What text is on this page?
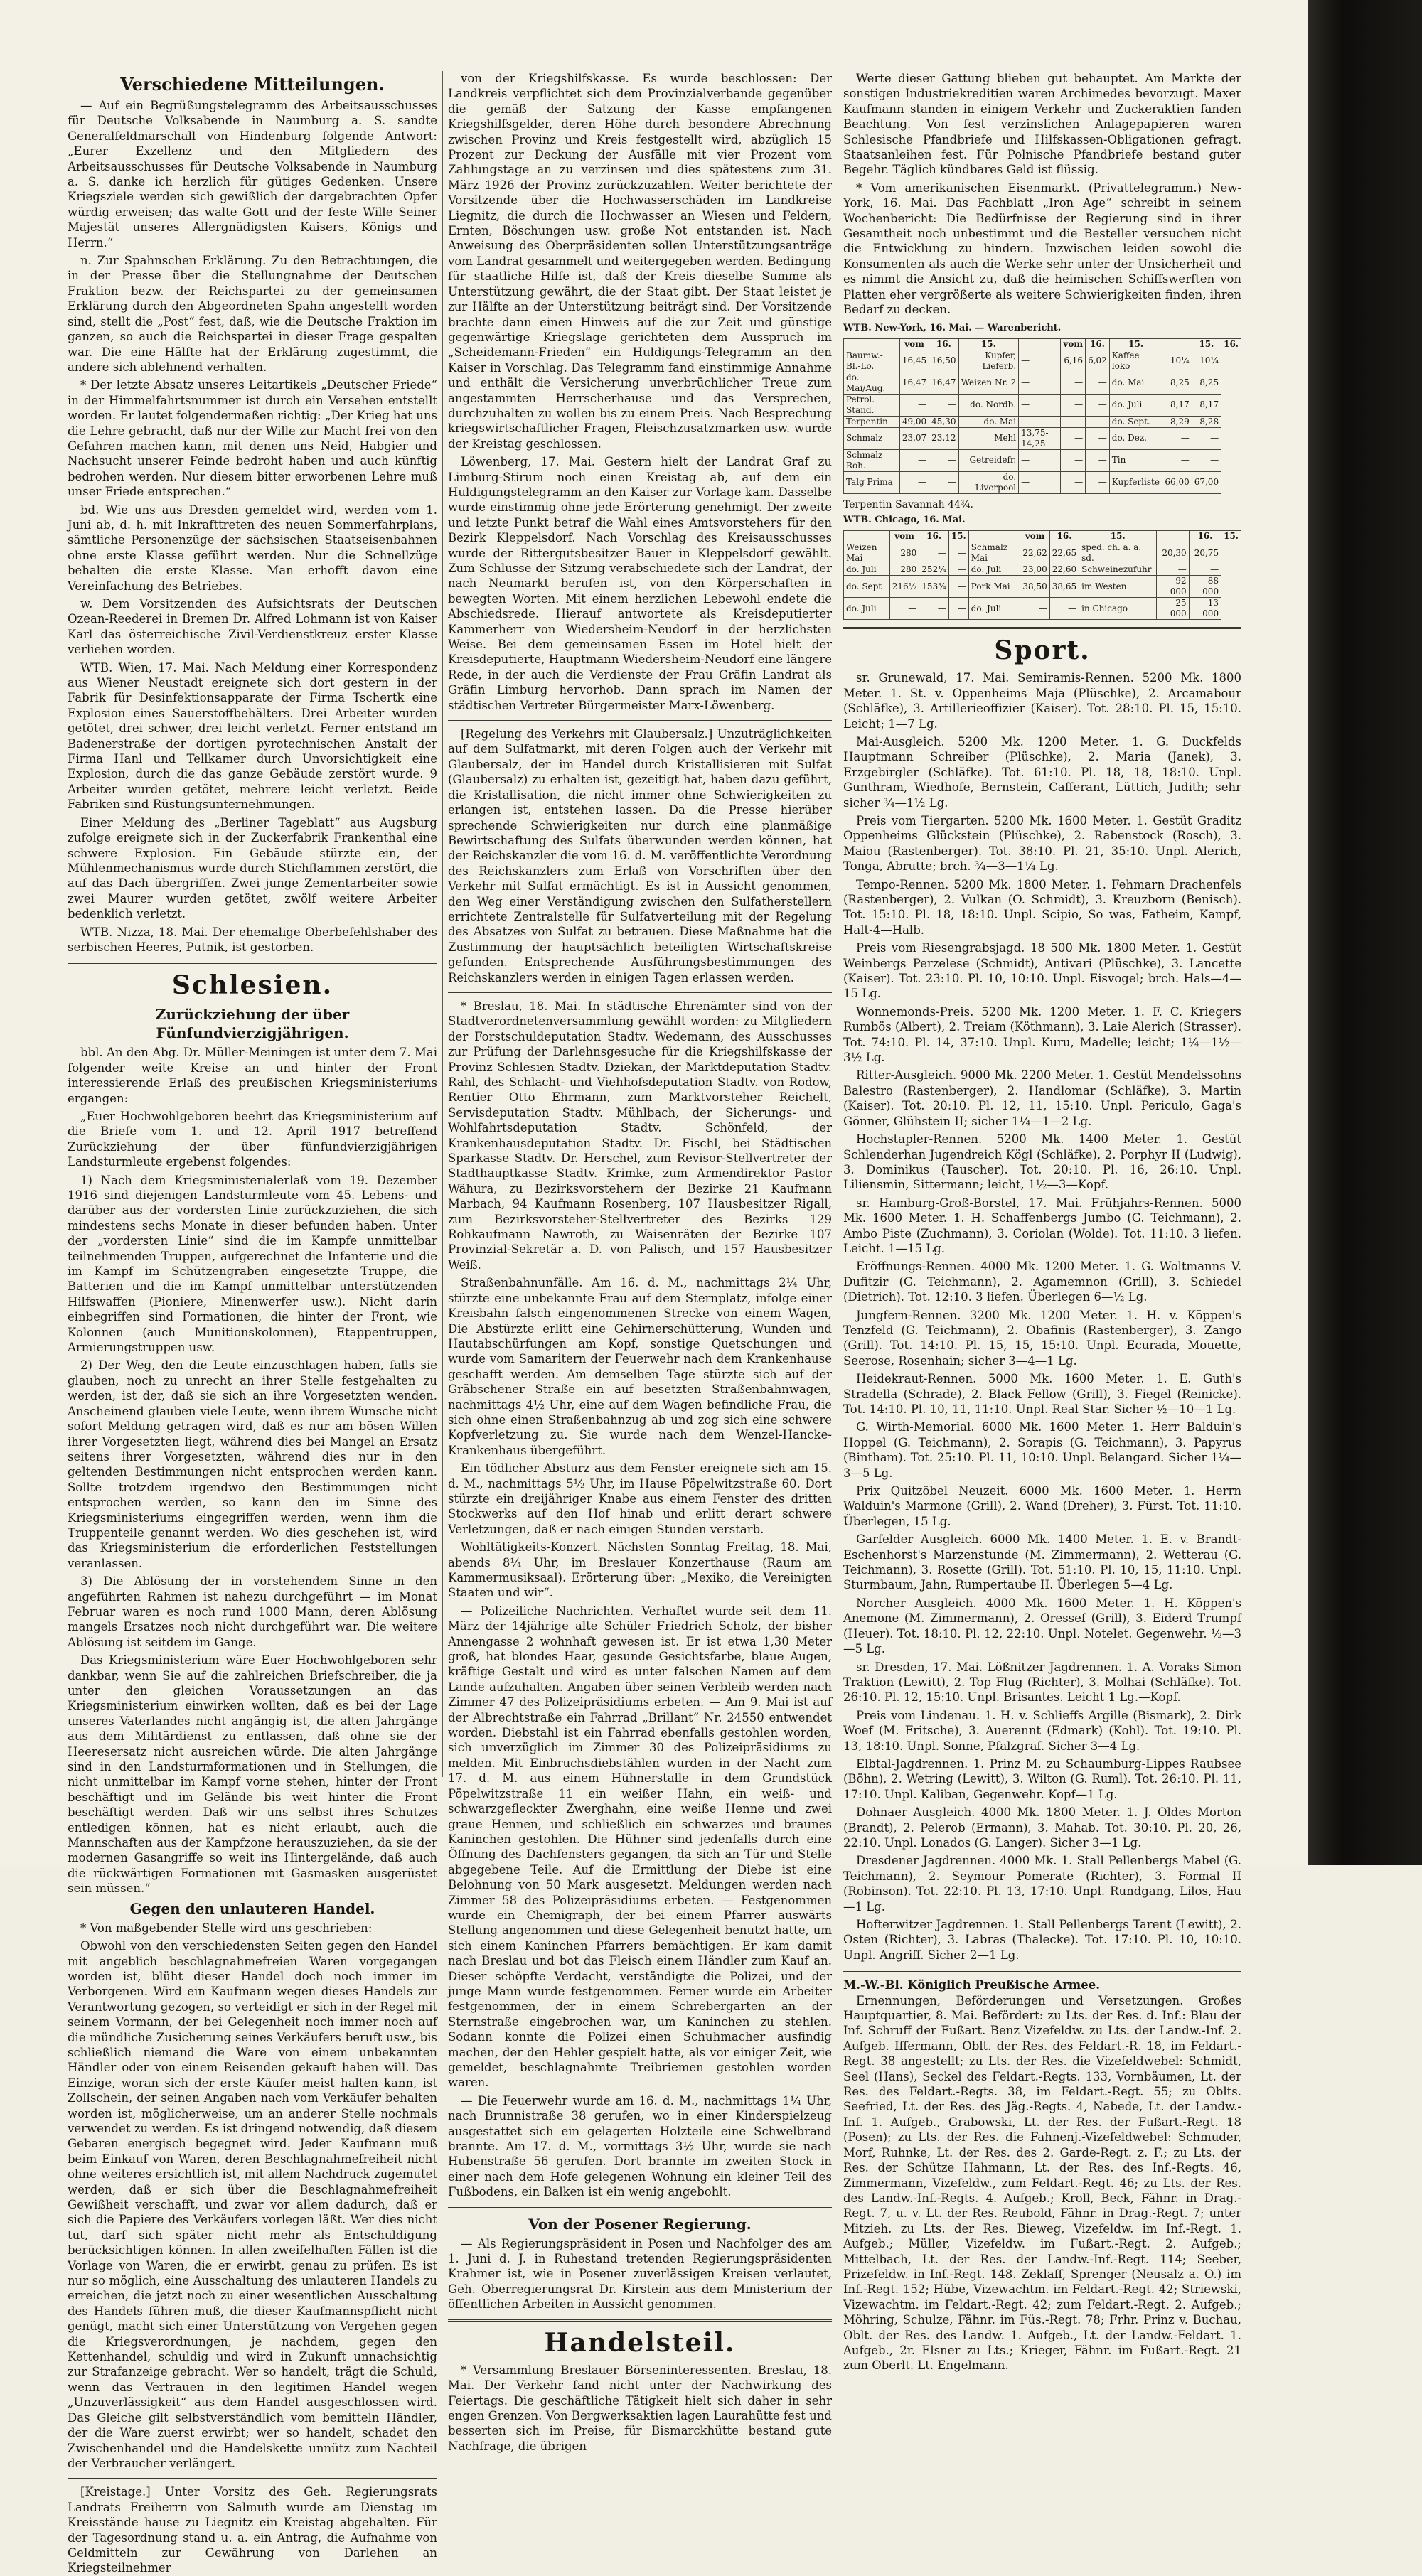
Verschiedene Mitteilungen.

— Auf ein Begrüßungstelegramm des Arbeitsausschusses für Deutsche Volksabende in Naumburg a. S. sandte Generalfeldmarschall von Hindenburg folgende Antwort: „Eurer Exzellenz und den Mitgliedern des Arbeitsausschusses für Deutsche Volksabende in Naumburg a. S. danke ich herzlich für gütiges Gedenken. Unsere Kriegsziele werden sich gewißlich der dargebrachten Opfer würdig erweisen; das walte Gott und der feste Wille Seiner Majestät unseres Allergnädigsten Kaisers, Königs und Herrn.“

n. Zur Spahnschen Erklärung. Zu den Betrachtungen, die in der Presse über die Stellungnahme der Deutschen Fraktion bezw. der Reichspartei zu der gemeinsamen Erklärung durch den Abgeordneten Spahn angestellt worden sind, stellt die „Post“ fest, daß, wie die Deutsche Fraktion im ganzen, so auch die Reichspartei in dieser Frage gespalten war. Die eine Hälfte hat der Erklärung zugestimmt, die andere sich ablehnend verhalten.

* Der letzte Absatz unseres Leitartikels „Deutscher Friede“ in der Himmelfahrtsnummer ist durch ein Versehen entstellt worden. Er lautet folgendermaßen richtig: „Der Krieg hat uns die Lehre gebracht, daß nur der Wille zur Macht frei von den Gefahren machen kann, mit denen uns Neid, Habgier und Nachsucht unserer Feinde bedroht haben und auch künftig bedrohen werden. Nur diesem bitter erworbenen Lehre muß unser Friede entsprechen.“

bd. Wie uns aus Dresden gemeldet wird, werden vom 1. Juni ab, d. h. mit Inkrafttreten des neuen Sommerfahrplans, sämtliche Personenzüge der sächsischen Staatseisenbahnen ohne erste Klasse geführt werden. Nur die Schnellzüge behalten die erste Klasse. Man erhofft davon eine Vereinfachung des Betriebes.

w. Dem Vorsitzenden des Aufsichtsrats der Deutschen Ozean-Reederei in Bremen Dr. Alfred Lohmann ist von Kaiser Karl das österreichische Zivil-Verdienstkreuz erster Klasse verliehen worden.

WTB. Wien, 17. Mai. Nach Meldung einer Korrespondenz aus Wiener Neustadt ereignete sich dort gestern in der Fabrik für Desinfektionsapparate der Firma Tschertk eine Explosion eines Sauerstoffbehälters. Drei Arbeiter wurden getötet, drei schwer, drei leicht verletzt. Ferner entstand im Badenerstraße der dortigen pyrotechnischen Anstalt der Firma Hanl und Tellkamer durch Unvorsichtigkeit eine Explosion, durch die das ganze Gebäude zerstört wurde. 9 Arbeiter wurden getötet, mehrere leicht verletzt. Beide Fabriken sind Rüstungsunternehmungen.

Einer Meldung des „Berliner Tageblatt“ aus Augsburg zufolge ereignete sich in der Zuckerfabrik Frankenthal eine schwere Explosion. Ein Gebäude stürzte ein, der Mühlenmechanismus wurde durch Stichflammen zerstört, die auf das Dach übergriffen. Zwei junge Zementarbeiter sowie zwei Maurer wurden getötet, zwölf weitere Arbeiter bedenklich verletzt.

WTB. Nizza, 18. Mai. Der ehemalige Oberbefehlshaber des serbischen Heeres, Putnik, ist gestorben.

Schlesien.
Zurückziehung der über Fünfundvierzigjährigen.

bbl. An den Abg. Dr. Müller-Meiningen ist unter dem 7. Mai folgender weite Kreise an und hinter der Front interessierende Erlaß des preußischen Kriegsministeriums ergangen:

„Euer Hochwohlgeboren beehrt das Kriegsministerium auf die Briefe vom 1. und 12. April 1917 betreffend Zurückziehung der über fünfundvierzigjährigen Landsturmleute ergebenst folgendes:

1) Nach dem Kriegsministerialerlaß vom 19. Dezember 1916 sind diejenigen Landsturmleute vom 45. Lebens- und darüber aus der vordersten Linie zurückzuziehen, die sich mindestens sechs Monate in dieser befunden haben. Unter der „vordersten Linie“ sind die im Kampfe unmittelbar teilnehmenden Truppen, aufgerechnet die Infanterie und die im Kampf im Schützengraben eingesetzte Truppe, die Batterien und die im Kampf unmittelbar unterstützenden Hilfswaffen (Pioniere, Minenwerfer usw.). Nicht darin einbegriffen sind Formationen, die hinter der Front, wie Kolonnen (auch Munitionskolonnen), Etappentruppen, Armierungstruppen usw.

2) Der Weg, den die Leute einzuschlagen haben, falls sie glauben, noch zu unrecht an ihrer Stelle festgehalten zu werden, ist der, daß sie sich an ihre Vorgesetzten wenden. Anscheinend glauben viele Leute, wenn ihrem Wunsche nicht sofort Meldung getragen wird, daß es nur am bösen Willen ihrer Vorgesetzten liegt, während dies bei Mangel an Ersatz seitens ihrer Vorgesetzten, während dies nur in den geltenden Bestimmungen nicht entsprochen werden kann. Sollte trotzdem irgendwo den Bestimmungen nicht entsprochen werden, so kann den im Sinne des Kriegsministeriums eingegriffen werden, wenn ihm die Truppenteile genannt werden. Wo dies geschehen ist, wird das Kriegsministerium die erforderlichen Feststellungen veranlassen.

3) Die Ablösung der in vorstehendem Sinne in den angeführten Rahmen ist nahezu durchgeführt — im Monat Februar waren es noch rund 1000 Mann, deren Ablösung mangels Ersatzes noch nicht durchgeführt war. Die weitere Ablösung ist seitdem im Gange.

Das Kriegsministerium wäre Euer Hochwohlgeboren sehr dankbar, wenn Sie auf die zahlreichen Briefschreiber, die ja unter den gleichen Voraussetzungen an das Kriegsministerium einwirken wollten, daß es bei der Lage unseres Vaterlandes nicht angängig ist, die alten Jahrgänge aus dem Militärdienst zu entlassen, daß ohne sie der Heeresersatz nicht ausreichen würde. Die alten Jahrgänge sind in den Landsturmformationen und in Stellungen, die nicht unmittelbar im Kampf vorne stehen, hinter der Front beschäftigt und im Gelände bis weit hinter die Front beschäftigt werden. Daß wir uns selbst ihres Schutzes entledigen können, hat es nicht erlaubt, auch die Mannschaften aus der Kampfzone herauszuziehen, da sie der modernen Gasangriffe so weit ins Hintergelände, daß auch die rückwärtigen Formationen mit Gasmasken ausgerüstet sein müssen.“

Gegen den unlauteren Handel.

* Von maßgebender Stelle wird uns geschrieben:

Obwohl von den verschiedensten Seiten gegen den Handel mit angeblich beschlagnahmefreien Waren vorgegangen worden ist, blüht dieser Handel doch noch immer im Verborgenen. Wird ein Kaufmann wegen dieses Handels zur Verantwortung gezogen, so verteidigt er sich in der Regel mit seinem Vormann, der bei Gelegenheit noch immer noch auf die mündliche Zusicherung seines Verkäufers beruft usw., bis schließlich niemand die Ware von einem unbekannten Händler oder von einem Reisenden gekauft haben will. Das Einzige, woran sich der erste Käufer meist halten kann, ist Zollschein, der seinen Angaben nach vom Verkäufer behalten worden ist, möglicherweise, um an anderer Stelle nochmals verwendet zu werden. Es ist dringend notwendig, daß diesem Gebaren energisch begegnet wird. Jeder Kaufmann muß beim Einkauf von Waren, deren Beschlagnahmefreiheit nicht ohne weiteres ersichtlich ist, mit allem Nachdruck zugemutet werden, daß er sich über die Beschlagnahmefreiheit Gewißheit verschafft, und zwar vor allem dadurch, daß er sich die Papiere des Verkäufers vorlegen läßt. Wer dies nicht tut, darf sich später nicht mehr als Entschuldigung berücksichtigen können. In allen zweifelhaften Fällen ist die Vorlage von Waren, die er erwirbt, genau zu prüfen. Es ist nur so möglich, eine Ausschaltung des unlauteren Handels zu erreichen, die jetzt noch zu einer wesentlichen Ausschaltung des Handels führen muß, die dieser Kaufmannspflicht nicht genügt, macht sich einer Unterstützung von Vergehen gegen die Kriegsverordnungen, je nachdem, gegen den Kettenhandel, schuldig und wird in Zukunft unnachsichtig zur Strafanzeige gebracht. Wer so handelt, trägt die Schuld, wenn das Vertrauen in den legitimen Handel wegen „Unzuverlässigkeit“ aus dem Handel ausgeschlossen wird. Das Gleiche gilt selbstverständlich vom bemitteln Händler, der die Ware zuerst erwirbt; wer so handelt, schadet den Zwischenhandel und die Handelskette unnütz zum Nachteil der Verbraucher verlängert.

[Kreistage.] Unter Vorsitz des Geh. Regierungsrats Landrats Freiherrn von Salmuth wurde am Dienstag im Kreisstände hause zu Liegnitz ein Kreistag abgehalten. Für der Tagesordnung stand u. a. ein Antrag, die Aufnahme von Geldmitteln zur Gewährung von Darlehen an Kriegsteilnehmer

von der Kriegshilfskasse. Es wurde beschlossen: Der Landkreis verpflichtet sich dem Provinzialverbande gegenüber die gemäß der Satzung der Kasse empfangenen Kriegshilfsgelder, deren Höhe durch besondere Abrechnung zwischen Provinz und Kreis festgestellt wird, abzüglich 15 Prozent zur Deckung der Ausfälle mit vier Prozent vom Zahlungstage an zu verzinsen und dies spätestens zum 31. März 1926 der Provinz zurückzuzahlen. Weiter berichtete der Vorsitzende über die Hochwasserschäden im Landkreise Liegnitz, die durch die Hochwasser an Wiesen und Feldern, Ernten, Böschungen usw. große Not entstanden ist. Nach Anweisung des Oberpräsidenten sollen Unterstützungsanträge vom Landrat gesammelt und weitergegeben werden. Bedingung für staatliche Hilfe ist, daß der Kreis dieselbe Summe als Unterstützung gewährt, die der Staat gibt. Der Staat leistet je zur Hälfte an der Unterstützung beiträgt sind. Der Vorsitzende brachte dann einen Hinweis auf die zur Zeit und günstige gegenwärtige Kriegslage gerichteten dem Ausspruch im „Scheidemann-Frieden“ ein Huldigungs-Telegramm an den Kaiser in Vorschlag. Das Telegramm fand einstimmige Annahme und enthält die Versicherung unverbrüchlicher Treue zum angestammten Herrscherhause und das Versprechen, durchzuhalten zu wollen bis zu einem Preis. Nach Besprechung kriegswirtschaftlicher Fragen, Fleischzusatzmarken usw. wurde der Kreistag geschlossen.

Löwenberg, 17. Mai. Gestern hielt der Landrat Graf zu Limburg-Stirum noch einen Kreistag ab, auf dem ein Huldigungstelegramm an den Kaiser zur Vorlage kam. Dasselbe wurde einstimmig ohne jede Erörterung genehmigt. Der zweite und letzte Punkt betraf die Wahl eines Amtsvorstehers für den Bezirk Kleppelsdorf. Nach Vorschlag des Kreisausschusses wurde der Rittergutsbesitzer Bauer in Kleppelsdorf gewählt. Zum Schlusse der Sitzung verabschiedete sich der Landrat, der nach Neumarkt berufen ist, von den Körperschaften in bewegten Worten. Mit einem herzlichen Lebewohl endete die Abschiedsrede. Hierauf antwortete als Kreisdeputierter Kammerherr von Wiedersheim-Neudorf in der herzlichsten Weise. Bei dem gemeinsamen Essen im Hotel hielt der Kreisdeputierte, Hauptmann Wiedersheim-Neudorf eine längere Rede, in der auch die Verdienste der Frau Gräfin Landrat als Gräfin Limburg hervorhob. Dann sprach im Namen der städtischen Vertreter Bürgermeister Marx-Löwenberg.

[Regelung des Verkehrs mit Glaubersalz.] Unzuträglichkeiten auf dem Sulfatmarkt, mit deren Folgen auch der Verkehr mit Glaubersalz, der im Handel durch Kristallisieren mit Sulfat (Glaubersalz) zu erhalten ist, gezeitigt hat, haben dazu geführt, die Kristallisation, die nicht immer ohne Schwierigkeiten zu erlangen ist, entstehen lassen. Da die Presse hierüber sprechende Schwierigkeiten nur durch eine planmäßige Bewirtschaftung des Sulfats überwunden werden können, hat der Reichskanzler die vom 16. d. M. veröffentlichte Verordnung des Reichskanzlers zum Erlaß von Vorschriften über den Verkehr mit Sulfat ermächtigt. Es ist in Aussicht genommen, den Weg einer Verständigung zwischen den Sulfatherstellern errichtete Zentralstelle für Sulfatverteilung mit der Regelung des Absatzes von Sulfat zu betrauen. Diese Maßnahme hat die Zustimmung der hauptsächlich beteiligten Wirtschaftskreise gefunden. Entsprechende Ausführungsbestimmungen des Reichskanzlers werden in einigen Tagen erlassen werden.

* Breslau, 18. Mai. In städtische Ehrenämter sind von der Stadtverordnetenversammlung gewählt worden: zu Mitgliedern der Forstschuldeputation Stadtv. Wedemann, des Ausschusses zur Prüfung der Darlehnsgesuche für die Kriegshilfskasse der Provinz Schlesien Stadtv. Dziekan, der Marktdeputation Stadtv. Rahl, des Schlacht- und Viehhofsdeputation Stadtv. von Rodow, Rentier Otto Ehrmann, zum Marktvorsteher Reichelt, Servisdeputation Stadtv. Mühlbach, der Sicherungs- und Wohlfahrtsdeputation Stadtv. Schönfeld, der Krankenhausdeputation Stadtv. Dr. Fischl, bei Städtischen Sparkasse Stadtv. Dr. Herschel, zum Revisor-Stellvertreter der Stadthauptkasse Stadtv. Krimke, zum Armendirektor Pastor Wähura, zu Bezirksvorstehern der Bezirke 21 Kaufmann Marbach, 94 Kaufmann Rosenberg, 107 Hausbesitzer Rigall, zum Bezirksvorsteher-Stellvertreter des Bezirks 129 Rohkaufmann Nawroth, zu Waisenräten der Bezirke 107 Provinzial-Sekretär a. D. von Palisch, und 157 Hausbesitzer Weiß.

Straßenbahnunfälle. Am 16. d. M., nachmittags 2¼ Uhr, stürzte eine unbekannte Frau auf dem Sternplatz, infolge einer Kreisbahn falsch eingenommenen Strecke von einem Wagen, Die Abstürzte erlitt eine Gehirnerschütterung, Wunden und Hautabschürfungen am Kopf, sonstige Quetschungen und wurde vom Samaritern der Feuerwehr nach dem Krankenhause geschafft werden. Am demselben Tage stürzte sich auf der Gräbschener Straße ein auf besetzten Straßenbahnwagen, nachmittags 4½ Uhr, eine auf dem Wagen befindliche Frau, die sich ohne einen Straßenbahnzug ab und zog sich eine schwere Kopfverletzung zu. Sie wurde nach dem Wenzel-Hancke-Krankenhaus übergeführt.

Ein tödlicher Absturz aus dem Fenster ereignete sich am 15. d. M., nachmittags 5½ Uhr, im Hause Pöpelwitzstraße 60. Dort stürzte ein dreijähriger Knabe aus einem Fenster des dritten Stockwerks auf den Hof hinab und erlitt derart schwere Verletzungen, daß er nach einigen Stunden verstarb.

Wohltätigkeits-Konzert. Nächsten Sonntag Freitag, 18. Mai, abends 8¼ Uhr, im Breslauer Konzerthause (Raum am Kammermusiksaal). Erörterung über: „Mexiko, die Vereinigten Staaten und wir“.

— Polizeiliche Nachrichten. Verhaftet wurde seit dem 11. März der 14jährige alte Schüler Friedrich Scholz, der bisher Annengasse 2 wohnhaft gewesen ist. Er ist etwa 1,30 Meter groß, hat blondes Haar, gesunde Gesichtsfarbe, blaue Augen, kräftige Gestalt und wird es unter falschen Namen auf dem Lande aufzuhalten. Angaben über seinen Verbleib werden nach Zimmer 47 des Polizeipräsidiums erbeten. — Am 9. Mai ist auf der Albrechtstraße ein Fahrrad „Brillant“ Nr. 24550 entwendet worden. Diebstahl ist ein Fahrrad ebenfalls gestohlen worden, sich unverzüglich im Zimmer 30 des Polizeipräsidiums zu melden. Mit Einbruchsdiebstählen wurden in der Nacht zum 17. d. M. aus einem Hühnerstalle in dem Grundstück Pöpelwitzstraße 11 ein weißer Hahn, ein weiß- und schwarzgefleckter Zwerghahn, eine weiße Henne und zwei graue Hennen, und schließlich ein schwarzes und braunes Kaninchen gestohlen. Die Hühner sind jedenfalls durch eine Öffnung des Dachfensters gegangen, da sich an Tür und Stelle abgegebene Teile. Auf die Ermittlung der Diebe ist eine Belohnung von 50 Mark ausgesetzt. Meldungen werden nach Zimmer 58 des Polizeipräsidiums erbeten. — Festgenommen wurde ein Chemigraph, der bei einem Pfarrer auswärts Stellung angenommen und diese Gelegenheit benutzt hatte, um sich einem Kaninchen Pfarrers bemächtigen. Er kam damit nach Breslau und bot das Fleisch einem Händler zum Kauf an. Dieser schöpfte Verdacht, verständigte die Polizei, und der junge Mann wurde festgenommen. Ferner wurde ein Arbeiter festgenommen, der in einem Schrebergarten an der Sternstraße eingebrochen war, um Kaninchen zu stehlen. Sodann konnte die Polizei einen Schuhmacher ausfindig machen, der den Hehler gespielt hatte, als vor einiger Zeit, wie gemeldet, beschlagnahmte Treibriemen gestohlen worden waren.

— Die Feuerwehr wurde am 16. d. M., nachmittags 1¼ Uhr, nach Brunnistraße 38 gerufen, wo in einer Kinderspielzeug ausgestattet sich ein gelagerten Holzteile eine Schwelbrand brannte. Am 17. d. M., vormittags 3½ Uhr, wurde sie nach Hubenstraße 56 gerufen. Dort brannte im zweiten Stock in einer nach dem Hofe gelegenen Wohnung ein kleiner Teil des Fußbodens, ein Balken ist ein wenig angebohlt.

Von der Posener Regierung.

— Als Regierungspräsident in Posen und Nachfolger des am 1. Juni d. J. in Ruhestand tretenden Regierungspräsidenten Krahmer ist, wie in Posener zuverlässigen Kreisen verlautet, Geh. Oberregierungsrat Dr. Kirstein aus dem Ministerium der öffentlichen Arbeiten in Aussicht genommen.

Handelsteil.

* Versammlung Breslauer Börseninteressenten. Breslau, 18. Mai. Der Verkehr fand nicht unter der Nachwirkung des Feiertags. Die geschäftliche Tätigkeit hielt sich daher in sehr engen Grenzen. Von Bergwerksaktien lagen Laurahütte fest und besserten sich im Preise, für Bismarckhütte bestand gute Nachfrage, die übrigen

Werte dieser Gattung blieben gut behauptet. Am Markte der sonstigen Industriekreditien waren Archimedes bevorzugt. Maxer Kaufmann standen in einigem Verkehr und Zuckeraktien fanden Beachtung. Von fest verzinslichen Anlagepapieren waren Schlesische Pfandbriefe und Hilfskassen-Obligationen gefragt. Staatsanleihen fest. Für Polnische Pfandbriefe bestand guter Begehr. Täglich kündbares Geld ist flüssig.

* Vom amerikanischen Eisenmarkt. (Privattelegramm.) New-York, 16. Mai. Das Fachblatt „Iron Age“ schreibt in seinem Wochenbericht: Die Bedürfnisse der Regierung sind in ihrer Gesamtheit noch unbestimmt und die Besteller versuchen nicht die Entwicklung zu hindern. Inzwischen leiden sowohl die Konsumenten als auch die Werke sehr unter der Unsicherheit und es nimmt die Ansicht zu, daß die heimischen Schiffswerften von Platten eher vergrößerte als weitere Schwierigkeiten finden, ihren Bedarf zu decken.

WTB. New-York, 16. Mai. — Warenbericht.
	vom	16.	15.		vom	16.	15.		15.	16.
Baumw.-Bl.-Lo.	16,45	16,50	Kupfer, Lieferb.	—	6,16	6,02	Kaffee loko	10¼	10¼	
do. Mai/Aug.	16,47	16,47	Weizen Nr. 2	—	—	—	do. Mai	8,25	8,25	
Petrol. Stand.	—	—	do. Nordb.	—	—	—	do. Juli	8,17	8,17	
Terpentin	49,00	45,30	do. Mai	—	—	—	do. Sept.	8,29	8,28	
Schmalz	23,07	23,12	Mehl	13,75-14,25	—	—	do. Dez.	—	—	
Schmalz Roh.	—	—	Getreidefr.	—	—	—	Tin	—	—	
Talg Prima	—	—	do. Liverpool	—	—	—	Kupferliste	66,00	67,00	
Terpentin Savannah 44¾.
WTB. Chicago, 16. Mai.
	vom	16.	15.		vom	16.	15.		16.	15.
Weizen Mai	280	—	—	Schmalz Mai	22,62	22,65	sped. ch. a. a. sd.	20,30	20,75	
do. Juli	280	252¼	—	do. Juli	23,00	22,60	Schweinezufuhr	—	—	
do. Sept	216½	153¾	—	Pork Mai	38,50	38,65	im Westen	92 000	88 000	
do. Juli	—	—	—	do. Juli	—	—	in Chicago	25 000	13 000	
Sport.

sr. Grunewald, 17. Mai. Semiramis-Rennen. 5200 Mk. 1800 Meter. 1. St. v. Oppenheims Maja (Plüschke), 2. Arcamabour (Schläfke), 3. Artillerieoffizier (Kaiser). Tot. 28:10. Pl. 15, 15:10. Leicht; 1—7 Lg.

Mai-Ausgleich. 5200 Mk. 1200 Meter. 1. G. Duckfelds Hauptmann Schreiber (Plüschke), 2. Maria (Janek), 3. Erzgebirgler (Schläfke). Tot. 61:10. Pl. 18, 18, 18:10. Unpl. Gunthram, Wiedhofe, Bernstein, Cafferant, Lüttich, Judith; sehr sicher ¾—1½ Lg.

Preis vom Tiergarten. 5200 Mk. 1600 Meter. 1. Gestüt Graditz Oppenheims Glückstein (Plüschke), 2. Rabenstock (Rosch), 3. Maiou (Rastenberger). Tot. 38:10. Pl. 21, 35:10. Unpl. Alerich, Tonga, Abrutte; brch. ¾—3—1¼ Lg.

Tempo-Rennen. 5200 Mk. 1800 Meter. 1. Fehmarn Drachenfels (Rastenberger), 2. Vulkan (O. Schmidt), 3. Kreuzborn (Benisch). Tot. 15:10. Pl. 18, 18:10. Unpl. Scipio, So was, Fatheim, Kampf, Halt-4—Halb.

Preis vom Riesengrabsjagd. 18 500 Mk. 1800 Meter. 1. Gestüt Weinbergs Perzelese (Schmidt), Antivari (Plüschke), 3. Lancette (Kaiser). Tot. 23:10. Pl. 10, 10:10. Unpl. Eisvogel; brch. Hals—4—15 Lg.

Wonnemonds-Preis. 5200 Mk. 1200 Meter. 1. F. C. Kriegers Rumbös (Albert), 2. Treiam (Köthmann), 3. Laie Alerich (Strasser). Tot. 74:10. Pl. 14, 37:10. Unpl. Kuru, Madelle; leicht; 1¼—1½—3½ Lg.

Ritter-Ausgleich. 9000 Mk. 2200 Meter. 1. Gestüt Mendelssohns Balestro (Rastenberger), 2. Handlomar (Schläfke), 3. Martin (Kaiser). Tot. 20:10. Pl. 12, 11, 15:10. Unpl. Periculo, Gaga's Gönner, Glühstein II; sicher 1¼—1—2 Lg.

Hochstapler-Rennen. 5200 Mk. 1400 Meter. 1. Gestüt Schlenderhan Jugendreich Kögl (Schläfke), 2. Porphyr II (Ludwig), 3. Dominikus (Tauscher). Tot. 20:10. Pl. 16, 26:10. Unpl. Liliensmin, Sittermann; leicht, 1½—3—Kopf.

sr. Hamburg-Groß-Borstel, 17. Mai. Frühjahrs-Rennen. 5000 Mk. 1600 Meter. 1. H. Schaffenbergs Jumbo (G. Teichmann), 2. Ambo Piste (Zuchmann), 3. Coriolan (Wolde). Tot. 11:10. 3 liefen. Leicht. 1—15 Lg.

Eröffnungs-Rennen. 4000 Mk. 1200 Meter. 1. G. Woltmanns V. Dufitzir (G. Teichmann), 2. Agamemnon (Grill), 3. Schiedel (Dietrich). Tot. 12:10. 3 liefen. Überlegen 6—½ Lg.

Jungfern-Rennen. 3200 Mk. 1200 Meter. 1. H. v. Köppen's Tenzfeld (G. Teichmann), 2. Obafinis (Rastenberger), 3. Zango (Grill). Tot. 14:10. Pl. 15, 15, 15:10. Unpl. Ecurada, Mouette, Seerose, Rosenhain; sicher 3—4—1 Lg.

Heidekraut-Rennen. 5000 Mk. 1600 Meter. 1. E. Guth's Stradella (Schrade), 2. Black Fellow (Grill), 3. Fiegel (Reinicke). Tot. 14:10. Pl. 10, 11, 11:10. Unpl. Real Star. Sicher ½—10—1 Lg.

G. Wirth-Memorial. 6000 Mk. 1600 Meter. 1. Herr Balduin's Hoppel (G. Teichmann), 2. Sorapis (G. Teichmann), 3. Papyrus (Bintham). Tot. 25:10. Pl. 11, 10:10. Unpl. Belangard. Sicher 1¼—3—5 Lg.

Prix Quitzöbel Neuzeit. 6000 Mk. 1600 Meter. 1. Herrn Walduin's Marmone (Grill), 2. Wand (Dreher), 3. Fürst. Tot. 11:10. Überlegen, 15 Lg.

Garfelder Ausgleich. 6000 Mk. 1400 Meter. 1. E. v. Brandt-Eschenhorst's Marzenstunde (M. Zimmermann), 2. Wetterau (G. Teichmann), 3. Rosette (Grill). Tot. 51:10. Pl. 10, 15, 11:10. Unpl. Sturmbaum, Jahn, Rumpertaube II. Überlegen 5—4 Lg.

Norcher Ausgleich. 4000 Mk. 1600 Meter. 1. H. Köppen's Anemone (M. Zimmermann), 2. Oressef (Grill), 3. Eiderd Trumpf (Heuer). Tot. 18:10. Pl. 12, 22:10. Unpl. Notelet. Gegenwehr. ½—3—5 Lg.

sr. Dresden, 17. Mai. Lößnitzer Jagdrennen. 1. A. Voraks Simon Traktion (Lewitt), 2. Top Flug (Richter), 3. Molhai (Schläfke). Tot. 26:10. Pl. 12, 15:10. Unpl. Brisantes. Leicht 1 Lg.—Kopf.

Preis vom Lindenau. 1. H. v. Schlieffs Argille (Bismark), 2. Dirk Woef (M. Fritsche), 3. Auerennt (Edmark) (Kohl). Tot. 19:10. Pl. 13, 18:10. Unpl. Sonne, Pfalzgraf. Sicher 3—4 Lg.

Elbtal-Jagdrennen. 1. Prinz M. zu Schaumburg-Lippes Raubsee (Böhn), 2. Wetring (Lewitt), 3. Wilton (G. Ruml). Tot. 26:10. Pl. 11, 17:10. Unpl. Kaliban, Gegenwehr. Kopf—1 Lg.

Dohnaer Ausgleich. 4000 Mk. 1800 Meter. 1. J. Oldes Morton (Brandt), 2. Pelerob (Ermann), 3. Mahab. Tot. 30:10. Pl. 20, 26, 22:10. Unpl. Lonados (G. Langer). Sicher 3—1 Lg.

Dresdener Jagdrennen. 4000 Mk. 1. Stall Pellenbergs Mabel (G. Teichmann), 2. Seymour Pomerate (Richter), 3. Formal II (Robinson). Tot. 22:10. Pl. 13, 17:10. Unpl. Rundgang, Lilos, Hau—1 Lg.

Hofterwitzer Jagdrennen. 1. Stall Pellenbergs Tarent (Lewitt), 2. Osten (Richter), 3. Labras (Thalecke). Tot. 17:10. Pl. 10, 10:10. Unpl. Angriff. Sicher 2—1 Lg.

M.-W.-Bl. Königlich Preußische Armee.

Ernennungen, Beförderungen und Versetzungen. Großes Hauptquartier, 8. Mai. Befördert: zu Lts. der Res. d. Inf.: Blau der Inf. Schruff der Fußart. Benz Vizefeldw. zu Lts. der Landw.-Inf. 2. Aufgeb. Iffermann, Oblt. der Res. des Feldart.-R. 18, im Feldart.-Regt. 38 angestellt; zu Lts. der Res. die Vizefeldwebel: Schmidt, Seel (Hans), Seckel des Feldart.-Regts. 133, Vornbäumen, Lt. der Res. des Feldart.-Regts. 38, im Feldart.-Regt. 55; zu Oblts. Seefried, Lt. der Res. des Jäg.-Regts. 4, Nabede, Lt. der Landw.-Inf. 1. Aufgeb., Grabowski, Lt. der Res. der Fußart.-Regt. 18 (Posen); zu Lts. der Res. die Fahnenj.-Vizefeldwebel: Schmuder, Morf, Ruhnke, Lt. der Res. des 2. Garde-Regt. z. F.; zu Lts. der Res. der Schütze Hahmann, Lt. der Res. des Inf.-Regts. 46, Zimmermann, Vizefeldw., zum Feldart.-Regt. 46; zu Lts. der Res. des Landw.-Inf.-Regts. 4. Aufgeb.; Kroll, Beck, Fähnr. in Drag.-Regt. 7, u. v. Lt. der Res. Reubold, Fähnr. in Drag.-Regt. 7; unter Mitzieh. zu Lts. der Res. Bieweg, Vizefeldw. im Inf.-Regt. 1. Aufgeb.; Müller, Vizefeldw. im Fußart.-Regt. 2. Aufgeb.; Mittelbach, Lt. der Res. der Landw.-Inf.-Regt. 114; Seeber, Prizefeldw. in Inf.-Regt. 148. Zeklaff, Sprenger (Neusalz a. O.) im Inf.-Regt. 152; Hübe, Vizewachtm. im Feldart.-Regt. 42; Striewski, Vizewachtm. im Feldart.-Regt. 42; zum Feldart.-Regt. 2. Aufgeb.; Möhring, Schulze, Fähnr. im Füs.-Regt. 78; Frhr. Prinz v. Buchau, Oblt. der Res. des Landw. 1. Aufgeb., Lt. der Landw.-Feldart. 1. Aufgeb., 2r. Elsner zu Lts.; Krieger, Fähnr. im Fußart.-Regt. 21 zum Oberlt. Lt. Engelmann.
